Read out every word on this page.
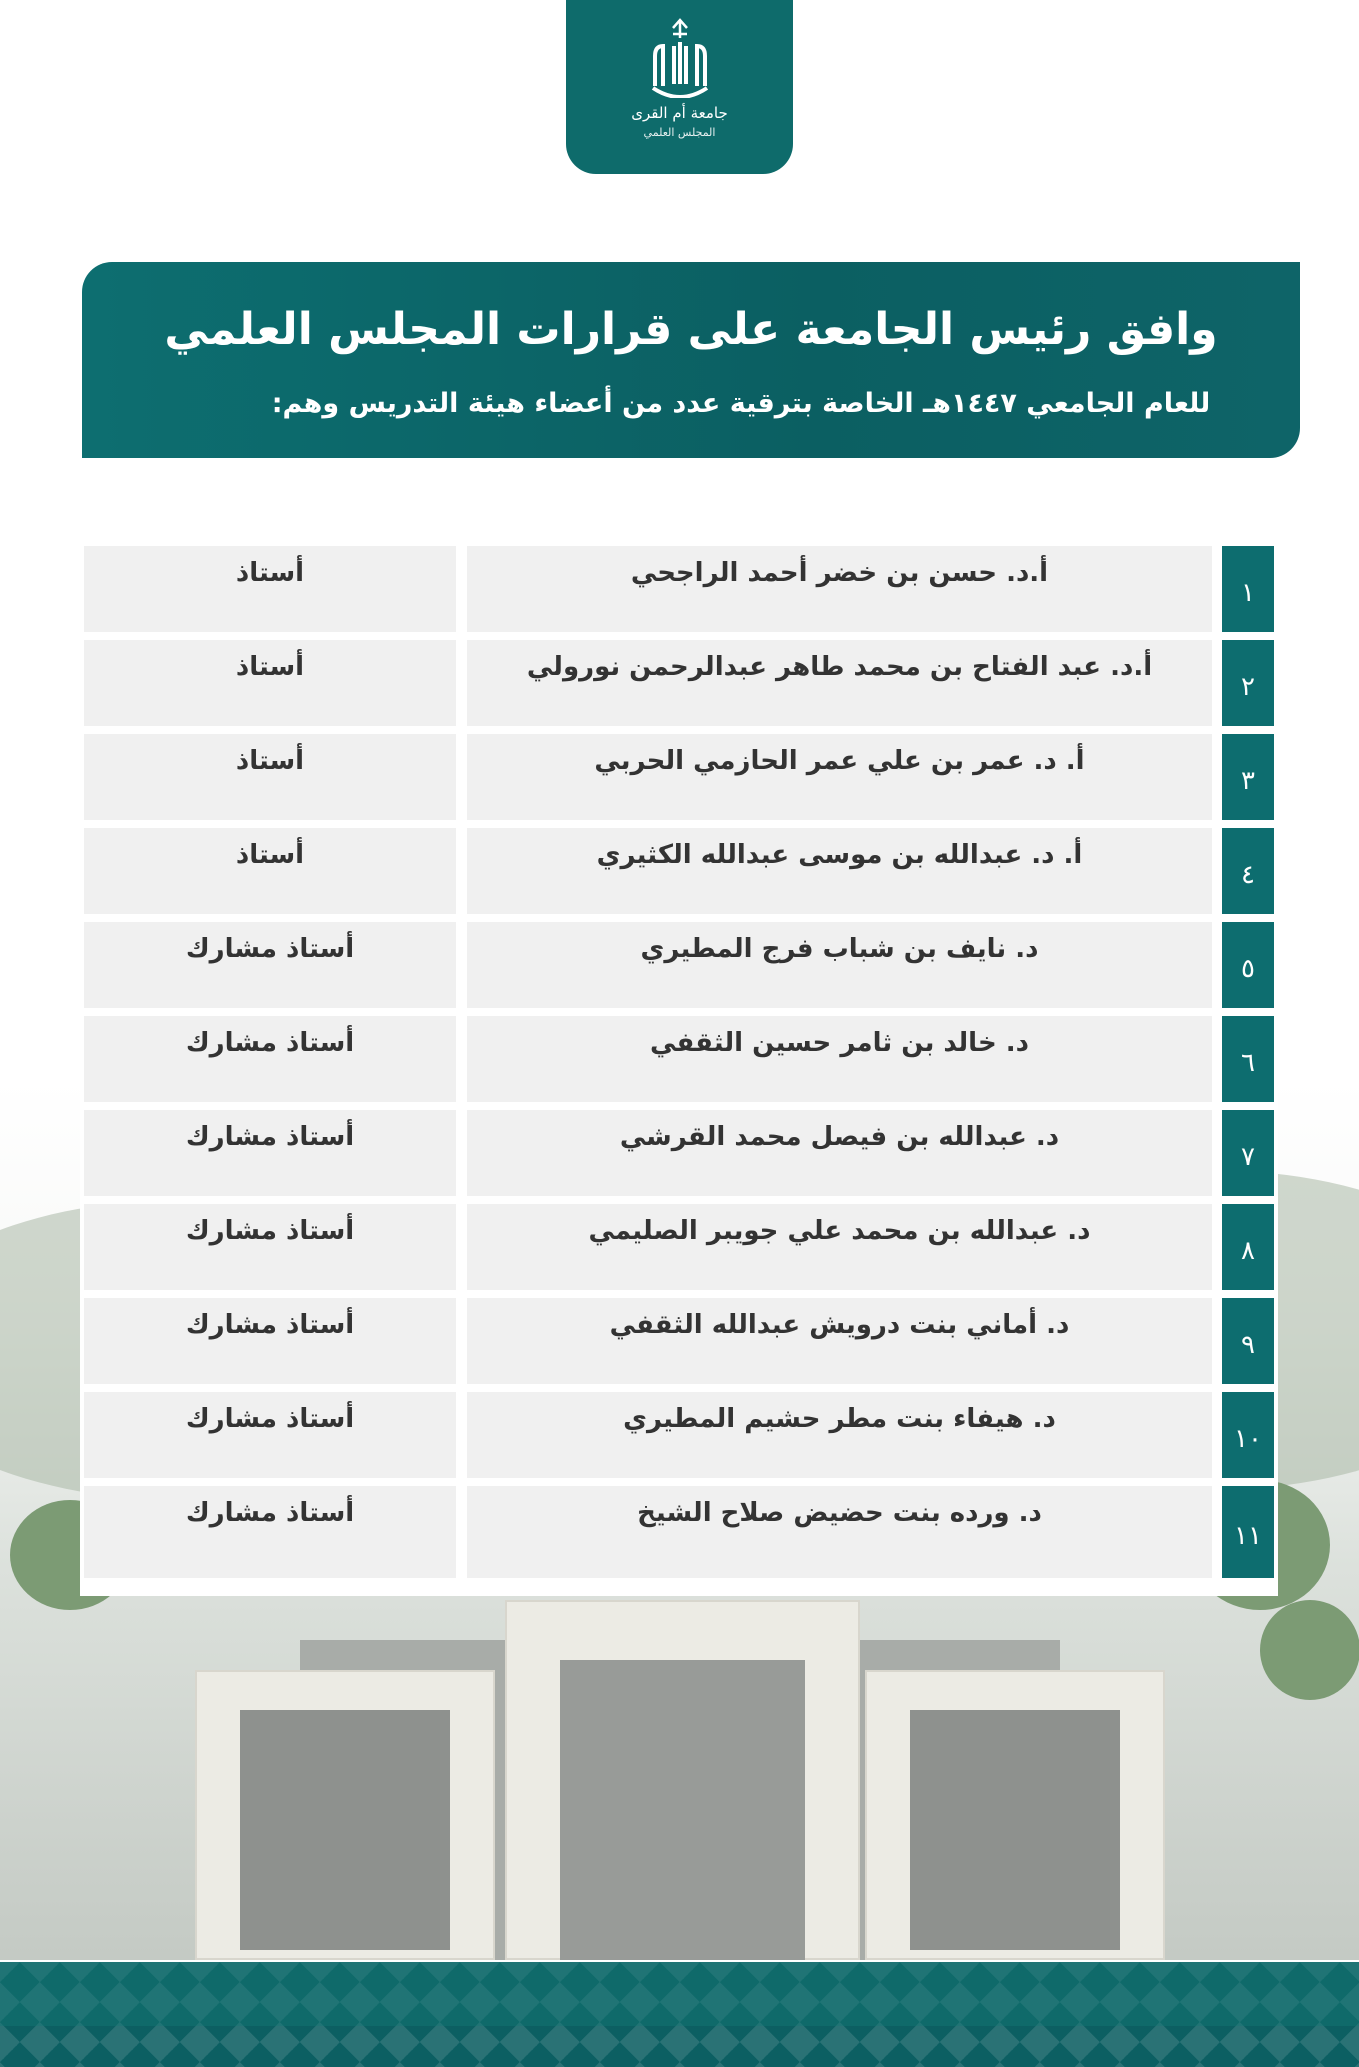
جامعة أم القرى
المجلس العلمي
وافق رئيس الجامعة على قرارات المجلس العلمي
للعام الجامعي ١٤٤٧هـ الخاصة بترقية عدد من أعضاء هيئة التدريس وهم:
١
أ.د. حسن بن خضر أحمد الراجحي
أستاذ
٢
أ.د. عبد الفتاح بن محمد طاهر عبدالرحمن نورولي
أستاذ
٣
أ. د. عمر بن علي عمر الحازمي الحربي
أستاذ
٤
أ. د. عبدالله بن موسى عبدالله الكثيري
أستاذ
٥
د. نايف بن شباب فرج المطيري
أستاذ مشارك
٦
د. خالد بن ثامر حسين الثقفي
أستاذ مشارك
٧
د. عبدالله بن فيصل محمد القرشي
أستاذ مشارك
٨
د. عبدالله بن محمد علي جويبر الصليمي
أستاذ مشارك
٩
د. أماني بنت درويش عبدالله الثقفي
أستاذ مشارك
١٠
د. هيفاء بنت مطر حشيم المطيري
أستاذ مشارك
١١
د. ورده بنت حضيض صلاح الشيخ
أستاذ مشارك
